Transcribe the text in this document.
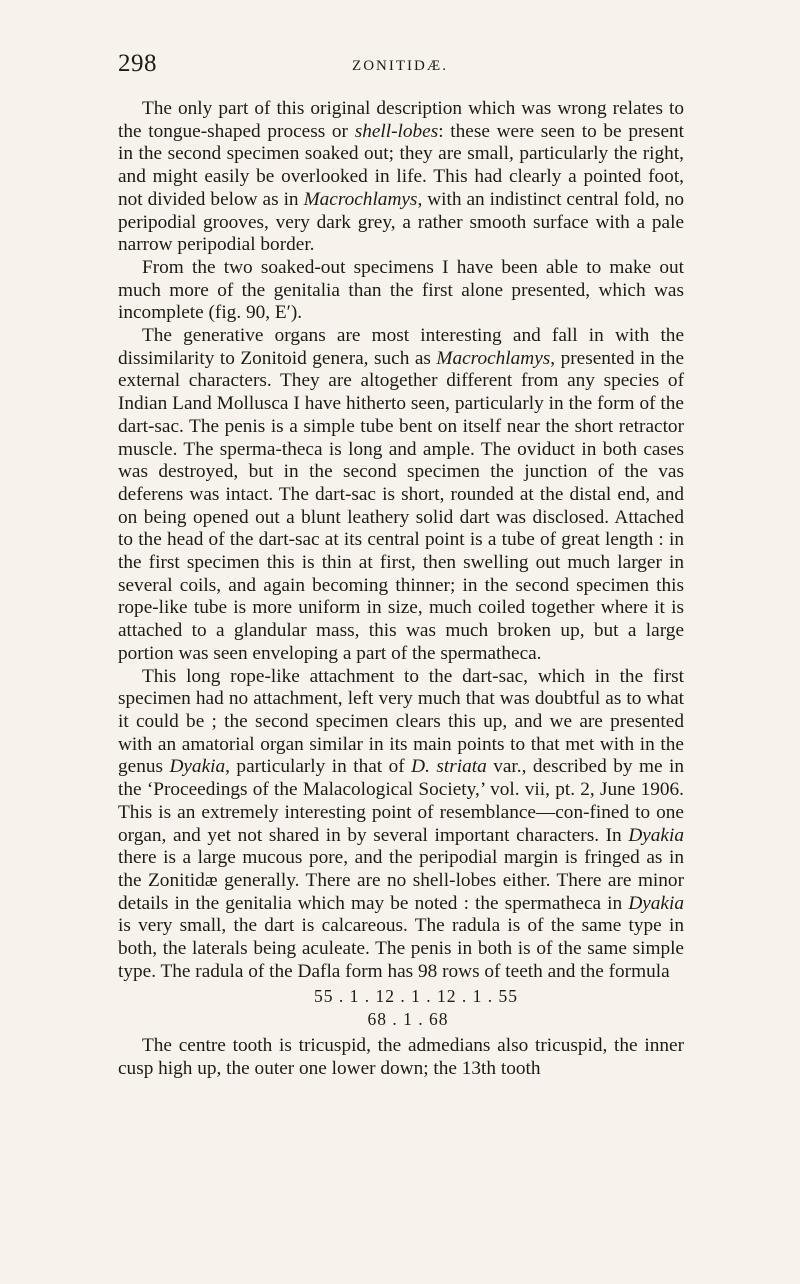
298	ZONITIDÆ.

The only part of this original description which was wrong relates to the tongue-shaped process or shell-lobes: these were seen to be present in the second specimen soaked out; they are small, particularly the right, and might easily be overlooked in life. This had clearly a pointed foot, not divided below as in Macrochlamys, with an indistinct central fold, no peripodial grooves, very dark grey, a rather smooth surface with a pale narrow peripodial border.

From the two soaked-out specimens I have been able to make out much more of the genitalia than the first alone presented, which was incomplete (fig. 90, E′).

The generative organs are most interesting and fall in with the dissimilarity to Zonitoid genera, such as Macrochlamys, presented in the external characters. They are altogether different from any species of Indian Land Mollusca I have hitherto seen, particularly in the form of the dart-sac. The penis is a simple tube bent on itself near the short retractor muscle. The sperma-theca is long and ample. The oviduct in both cases was destroyed, but in the second specimen the junction of the vas deferens was intact. The dart-sac is short, rounded at the distal end, and on being opened out a blunt leathery solid dart was disclosed. Attached to the head of the dart-sac at its central point is a tube of great length : in the first specimen this is thin at first, then swelling out much larger in several coils, and again becoming thinner; in the second specimen this rope-like tube is more uniform in size, much coiled together where it is attached to a glandular mass, this was much broken up, but a large portion was seen enveloping a part of the spermatheca.

This long rope-like attachment to the dart-sac, which in the first specimen had no attachment, left very much that was doubtful as to what it could be ; the second specimen clears this up, and we are presented with an amatorial organ similar in its main points to that met with in the genus Dyakia, particularly in that of D. striata var., described by me in the ‘Proceedings of the Malacological Society,’ vol. vii, pt. 2, June 1906. This is an extremely interesting point of resemblance—con-fined to one organ, and yet not shared in by several important characters. In Dyakia there is a large mucous pore, and the peripodial margin is fringed as in the Zonitidæ generally. There are no shell-lobes either. There are minor details in the genitalia which may be noted : the spermatheca in Dyakia is very small, the dart is calcareous. The radula is of the same type in both, the laterals being aculeate. The penis in both is of the same simple type. The radula of the Dafla form has 98 rows of teeth and the formula

55 . 1 . 12 . 1 . 12 . 1 . 55
68 . 1 . 68

The centre tooth is tricuspid, the admedians also tricuspid, the inner cusp high up, the outer one lower down; the 13th tooth
